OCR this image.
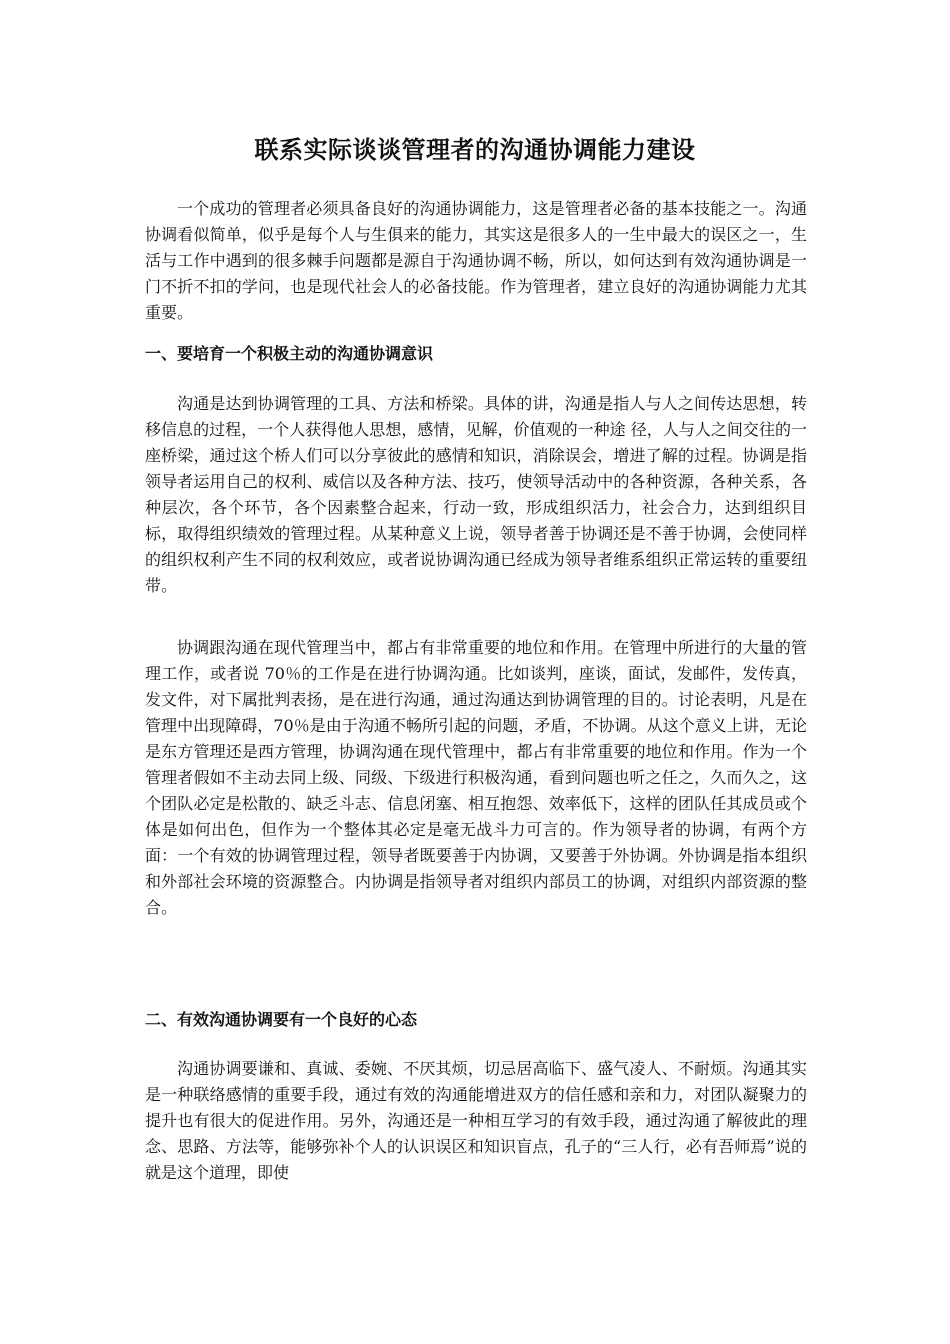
联系实际谈谈管理者的沟通协调能力建设

一个成功的管理者必须具备良好的沟通协调能力，这是管理者必备的基本技能之一。沟通协调看似简单，似乎是每个人与生俱来的能力，其实这是很多人的一生中最大的误区之一，生活与工作中遇到的很多棘手问题都是源自于沟通协调不畅，所以，如何达到有效沟通协调是一门不折不扣的学问，也是现代社会人的必备技能。作为管理者，建立良好的沟通协调能力尤其重要。

一、要培育一个积极主动的沟通协调意识

沟通是达到协调管理的工具、方法和桥梁。具体的讲，沟通是指人与人之间传达思想，转移信息的过程，一个人获得他人思想，感情，见解，价值观的一种途 径，人与人之间交往的一座桥梁，通过这个桥人们可以分享彼此的感情和知识，消除误会，增进了解的过程。协调是指领导者运用自己的权利、威信以及各种方法、技巧，使领导活动中的各种资源，各种关系，各种层次，各个环节，各个因素整合起来，行动一致，形成组织活力，社会合力，达到组织目标，取得组织绩效的管理过程。从某种意义上说，领导者善于协调还是不善于协调，会使同样的组织权利产生不同的权利效应，或者说协调沟通已经成为领导者维系组织正常运转的重要纽带。

协调跟沟通在现代管理当中，都占有非常重要的地位和作用。在管理中所进行的大量的管理工作，或者说 70％的工作是在进行协调沟通。比如谈判，座谈，面试，发邮件，发传真，发文件，对下属批判表扬，是在进行沟通，通过沟通达到协调管理的目的。讨论表明，凡是在管理中出现障碍，70％是由于沟通不畅所引起的问题，矛盾，不协调。从这个意义上讲，无论是东方管理还是西方管理，协调沟通在现代管理中，都占有非常重要的地位和作用。作为一个管理者假如不主动去同上级、同级、下级进行积极沟通，看到问题也听之任之，久而久之，这个团队必定是松散的、缺乏斗志、信息闭塞、相互抱怨、效率低下，这样的团队任其成员或个体是如何出色，但作为一个整体其必定是毫无战斗力可言的。作为领导者的协调，有两个方面：一个有效的协调管理过程，领导者既要善于内协调，又要善于外协调。外协调是指本组织和外部社会环境的资源整合。内协调是指领导者对组织内部员工的协调，对组织内部资源的整合。

二、有效沟通协调要有一个良好的心态

沟通协调要谦和、真诚、委婉、不厌其烦，切忌居高临下、盛气凌人、不耐烦。沟通其实是一种联络感情的重要手段，通过有效的沟通能增进双方的信任感和亲和力，对团队凝聚力的提升也有很大的促进作用。另外，沟通还是一种相互学习的有效手段，通过沟通了解彼此的理念、思路、方法等，能够弥补个人的认识误区和知识盲点，孔子的“三人行，必有吾师焉”说的就是这个道理，即使
